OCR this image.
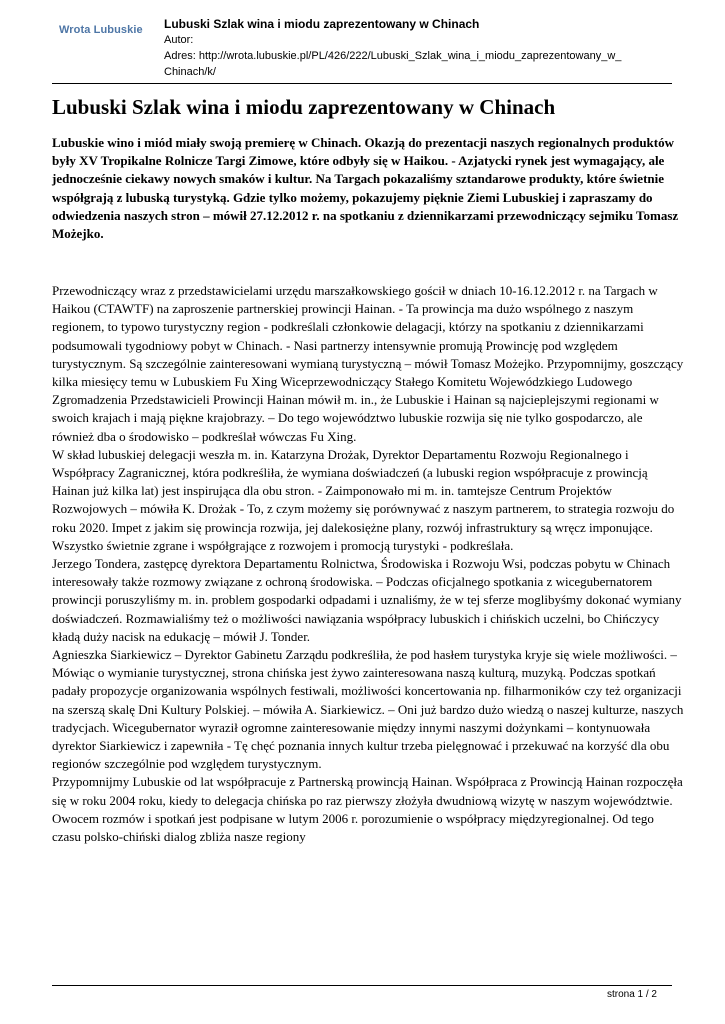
Wrota Lubuskie Lubuski Szlak wina i miodu zaprezentowany w Chinach
Autor:
Adres: http://wrota.lubuskie.pl/PL/426/222/Lubuski_Szlak_wina_i_miodu_zaprezentowany_w_
Chinach/k/
Lubuski Szlak wina i miodu zaprezentowany w Chinach

Lubuskie wino i miód miały swoją premierę w Chinach. Okazją do prezentacji naszych regionalnych produktów były XV Tropikalne Rolnicze Targi Zimowe, które odbyły się w Haikou. - Azjatycki rynek jest wymagający, ale jednocześnie ciekawy nowych smaków i kultur. Na Targach pokazaliśmy sztandarowe produkty, które świetnie współgrają z lubuską turystyką. Gdzie tylko możemy, pokazujemy pięknie Ziemi Lubuskiej i zapraszamy do odwiedzenia naszych stron – mówił 27.12.2012 r. na spotkaniu z dziennikarzami przewodniczący sejmiku Tomasz Możejko.

Przewodniczący wraz z przedstawicielami urzędu marszałkowskiego gościł w dniach 10-16.12.2012 r. na Targach w Haikou (CTAWTF) na zaproszenie partnerskiej prowincji Hainan. - Ta prowincja ma dużo wspólnego z naszym regionem, to typowo turystyczny region - podkreślali członkowie delagacji, którzy na spotkaniu z dziennikarzami podsumowali tygodniowy pobyt w Chinach. - Nasi partnerzy intensywnie promują Prowincję pod względem turystycznym. Są szczególnie zainteresowani wymianą turystyczną – mówił Tomasz Możejko. Przypomnijmy, goszczący kilka miesięcy temu w Lubuskiem Fu Xing Wiceprzewodniczący Stałego Komitetu Wojewódzkiego Ludowego Zgromadzenia Przedstawicieli Prowincji Hainan mówił m. in., że Lubuskie i Hainan są najcieplejszymi regionami w swoich krajach i mają piękne krajobrazy. – Do tego województwo lubuskie rozwija się nie tylko gospodarczo, ale również dba o środowisko – podkreślał wówczas Fu Xing.

W skład lubuskiej delegacji weszła m. in. Katarzyna Drożak, Dyrektor Departamentu Rozwoju Regionalnego i Współpracy Zagranicznej, która podkreśliła, że wymiana doświadczeń (a lubuski region współpracuje z prowincją Hainan już kilka lat) jest inspirująca dla obu stron. - Zaimponowało mi m. in. tamtejsze Centrum Projektów Rozwojowych – mówiła K. Drożak - To, z czym możemy się porównywać z naszym partnerem, to strategia rozwoju do roku 2020. Impet z jakim się prowincja rozwija, jej dalekosiężne plany, rozwój infrastruktury są wręcz imponujące. Wszystko świetnie zgrane i współgrające z rozwojem i promocją turystyki - podkreślała.

Jerzego Tondera, zastępcę dyrektora Departamentu Rolnictwa, Środowiska i Rozwoju Wsi, podczas pobytu w Chinach interesowały także rozmowy związane z ochroną środowiska. – Podczas oficjalnego spotkania z wicegubernatorem prowincji poruszyliśmy m. in. problem gospodarki odpadami i uznaliśmy, że w tej sferze moglibyśmy dokonać wymiany doświadczeń. Rozmawialiśmy też o możliwości nawiązania współpracy lubuskich i chińskich uczelni, bo Chińczycy kładą duży nacisk na edukację – mówił J. Tonder.

Agnieszka Siarkiewicz – Dyrektor Gabinetu Zarządu podkreśliła, że pod hasłem turystyka kryje się wiele możliwości. – Mówiąc o wymianie turystycznej, strona chińska jest żywo zainteresowana naszą kulturą, muzyką. Podczas spotkań padały propozycje organizowania wspólnych festiwali, możliwości koncertowania np. filharmoników czy też organizacji na szerszą skalę Dni Kultury Polskiej. – mówiła A. Siarkiewicz. – Oni już bardzo dużo wiedzą o naszej kulturze, naszych tradycjach. Wicegubernator wyraził ogromne zainteresowanie między innymi naszymi dożynkami – kontynuowała dyrektor Siarkiewicz i zapewniła - Tę chęć poznania innych kultur trzeba pielęgnować i przekuwać na korzyść dla obu regionów szczególnie pod względem turystycznym.

Przypomnijmy Lubuskie od lat współpracuje z Partnerską prowincją Hainan. Współpraca z Prowincją Hainan rozpoczęła się w roku 2004 roku, kiedy to delegacja chińska po raz pierwszy złożyła dwudniową wizytę w naszym województwie. Owocem rozmów i spotkań jest podpisane w lutym 2006 r. porozumienie o współpracy międzyregionalnej. Od tego czasu polsko-chiński dialog zbliża nasze regiony

strona 1 / 2
